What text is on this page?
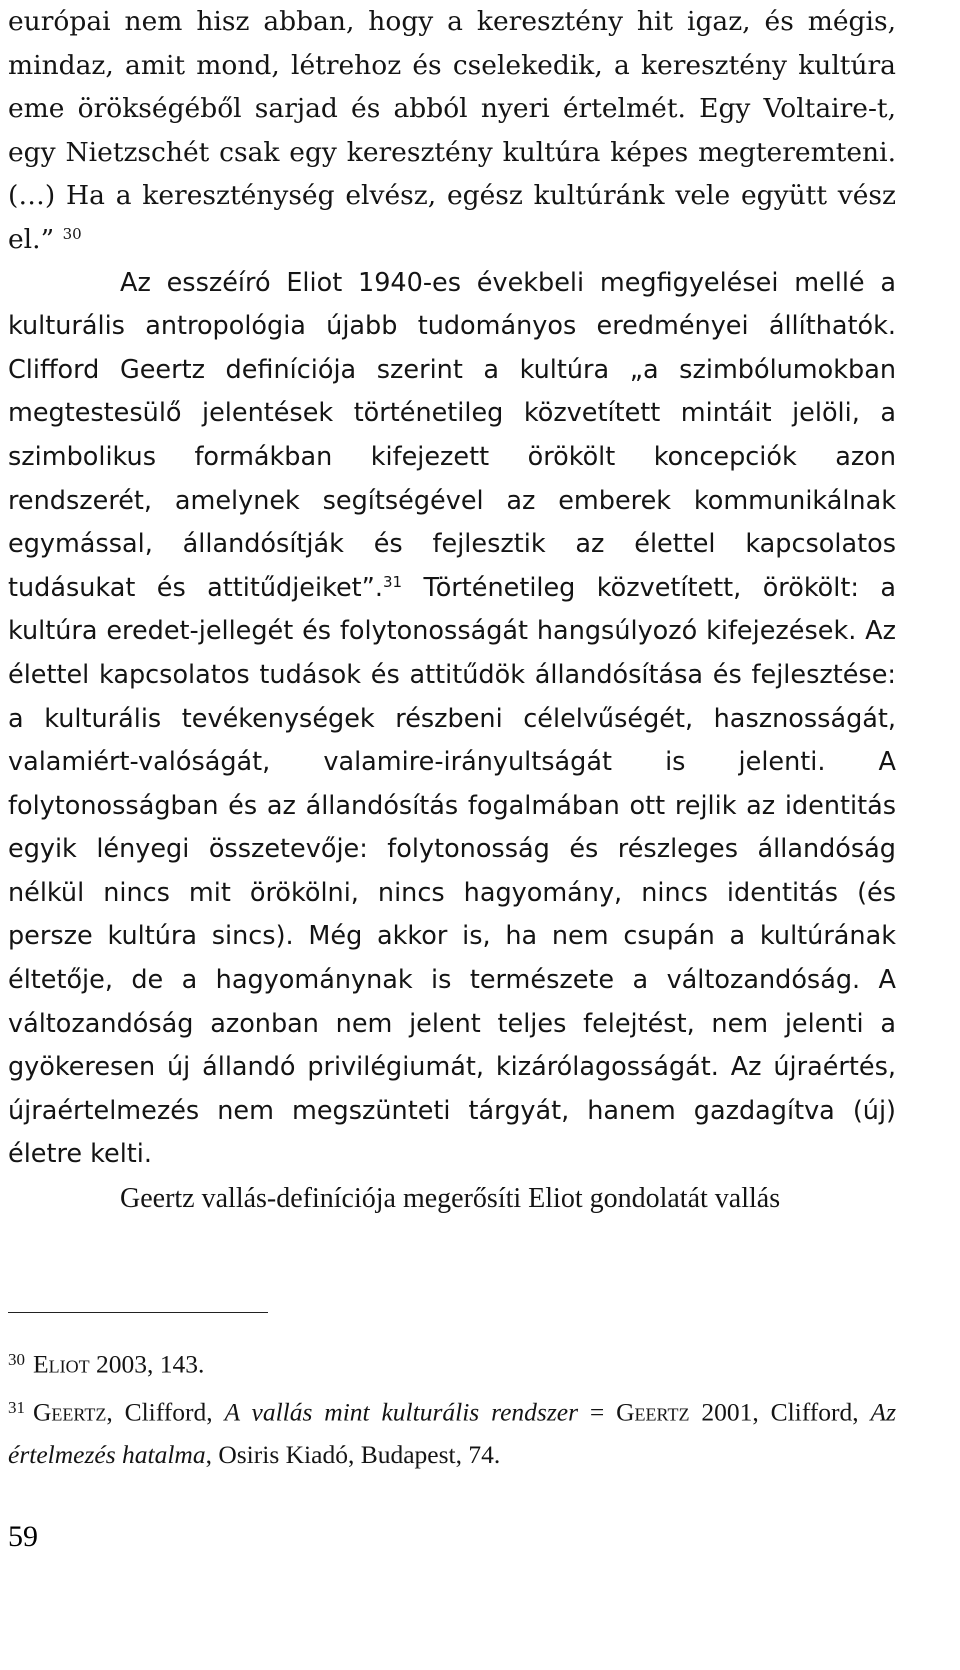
európai nem hisz abban, hogy a keresztény hit igaz, és mégis, mindaz, amit mond, létrehoz és cselekedik, a keresztény kultúra eme örökségéből sarjad és abból nyeri értelmét. Egy Voltaire-t, egy Nietzschét csak egy keresztény kultúra képes megteremteni. (…) Ha a kereszténység elvész, egész kultúránk vele együtt vész el.” $^{30}$

Az esszéíró Eliot 1940-es évekbeli megfigyelései mellé a kulturális antropológia újabb tudományos eredményei állíthatók. Clifford Geertz definíciója szerint a kultúra „a szimbólumokban megtestesülő jelentések történetileg közvetített mintáit jelöli, a szimbolikus formákban kifejezett örökölt koncepciók azon rendszerét, amelynek segítségével az emberek kommunikálnak egymással, állandósítják és fejlesztik az élettel kapcsolatos tudásukat és attitűdjeiket”.$^{31}$ Történetileg közvetített, örökölt: a kultúra eredet-jellegét és folytonosságát hangsúlyozó kifejezések. Az élettel kapcsolatos tudások és attitűdök állandósítása és fejlesztése: a kulturális tevékenységek részbeni célelvűségét, hasznosságát, valamiért-valóságát, valamire-irányultságát is jelenti. A folytonosságban és az állandósítás fogalmában ott rejlik az identitás egyik lényegi összetevője: folytonosság és részleges állandóság nélkül nincs mit örökölni, nincs hagyomány, nincs identitás (és persze kultúra sincs). Még akkor is, ha nem csupán a kultúrának éltetője, de a hagyománynak is természete a változandóság. A változandóság azonban nem jelent teljes felejtést, nem jelenti a gyökeresen új állandó privilégiumát, kizárólagosságát. Az újraértés, újraértelmezés nem megszünteti tárgyát, hanem gazdagítva (új) életre kelti.

Geertz vallás-definíciója megerősíti Eliot gondolatát vallás

$^{30}$ Eliot 2003, 143.

$^{31}$ Geertz, Clifford, A vallás mint kulturális rendszer = Geertz 2001, Clifford, Az értelmezés hatalma, Osiris Kiadó, Budapest, 74.

59
